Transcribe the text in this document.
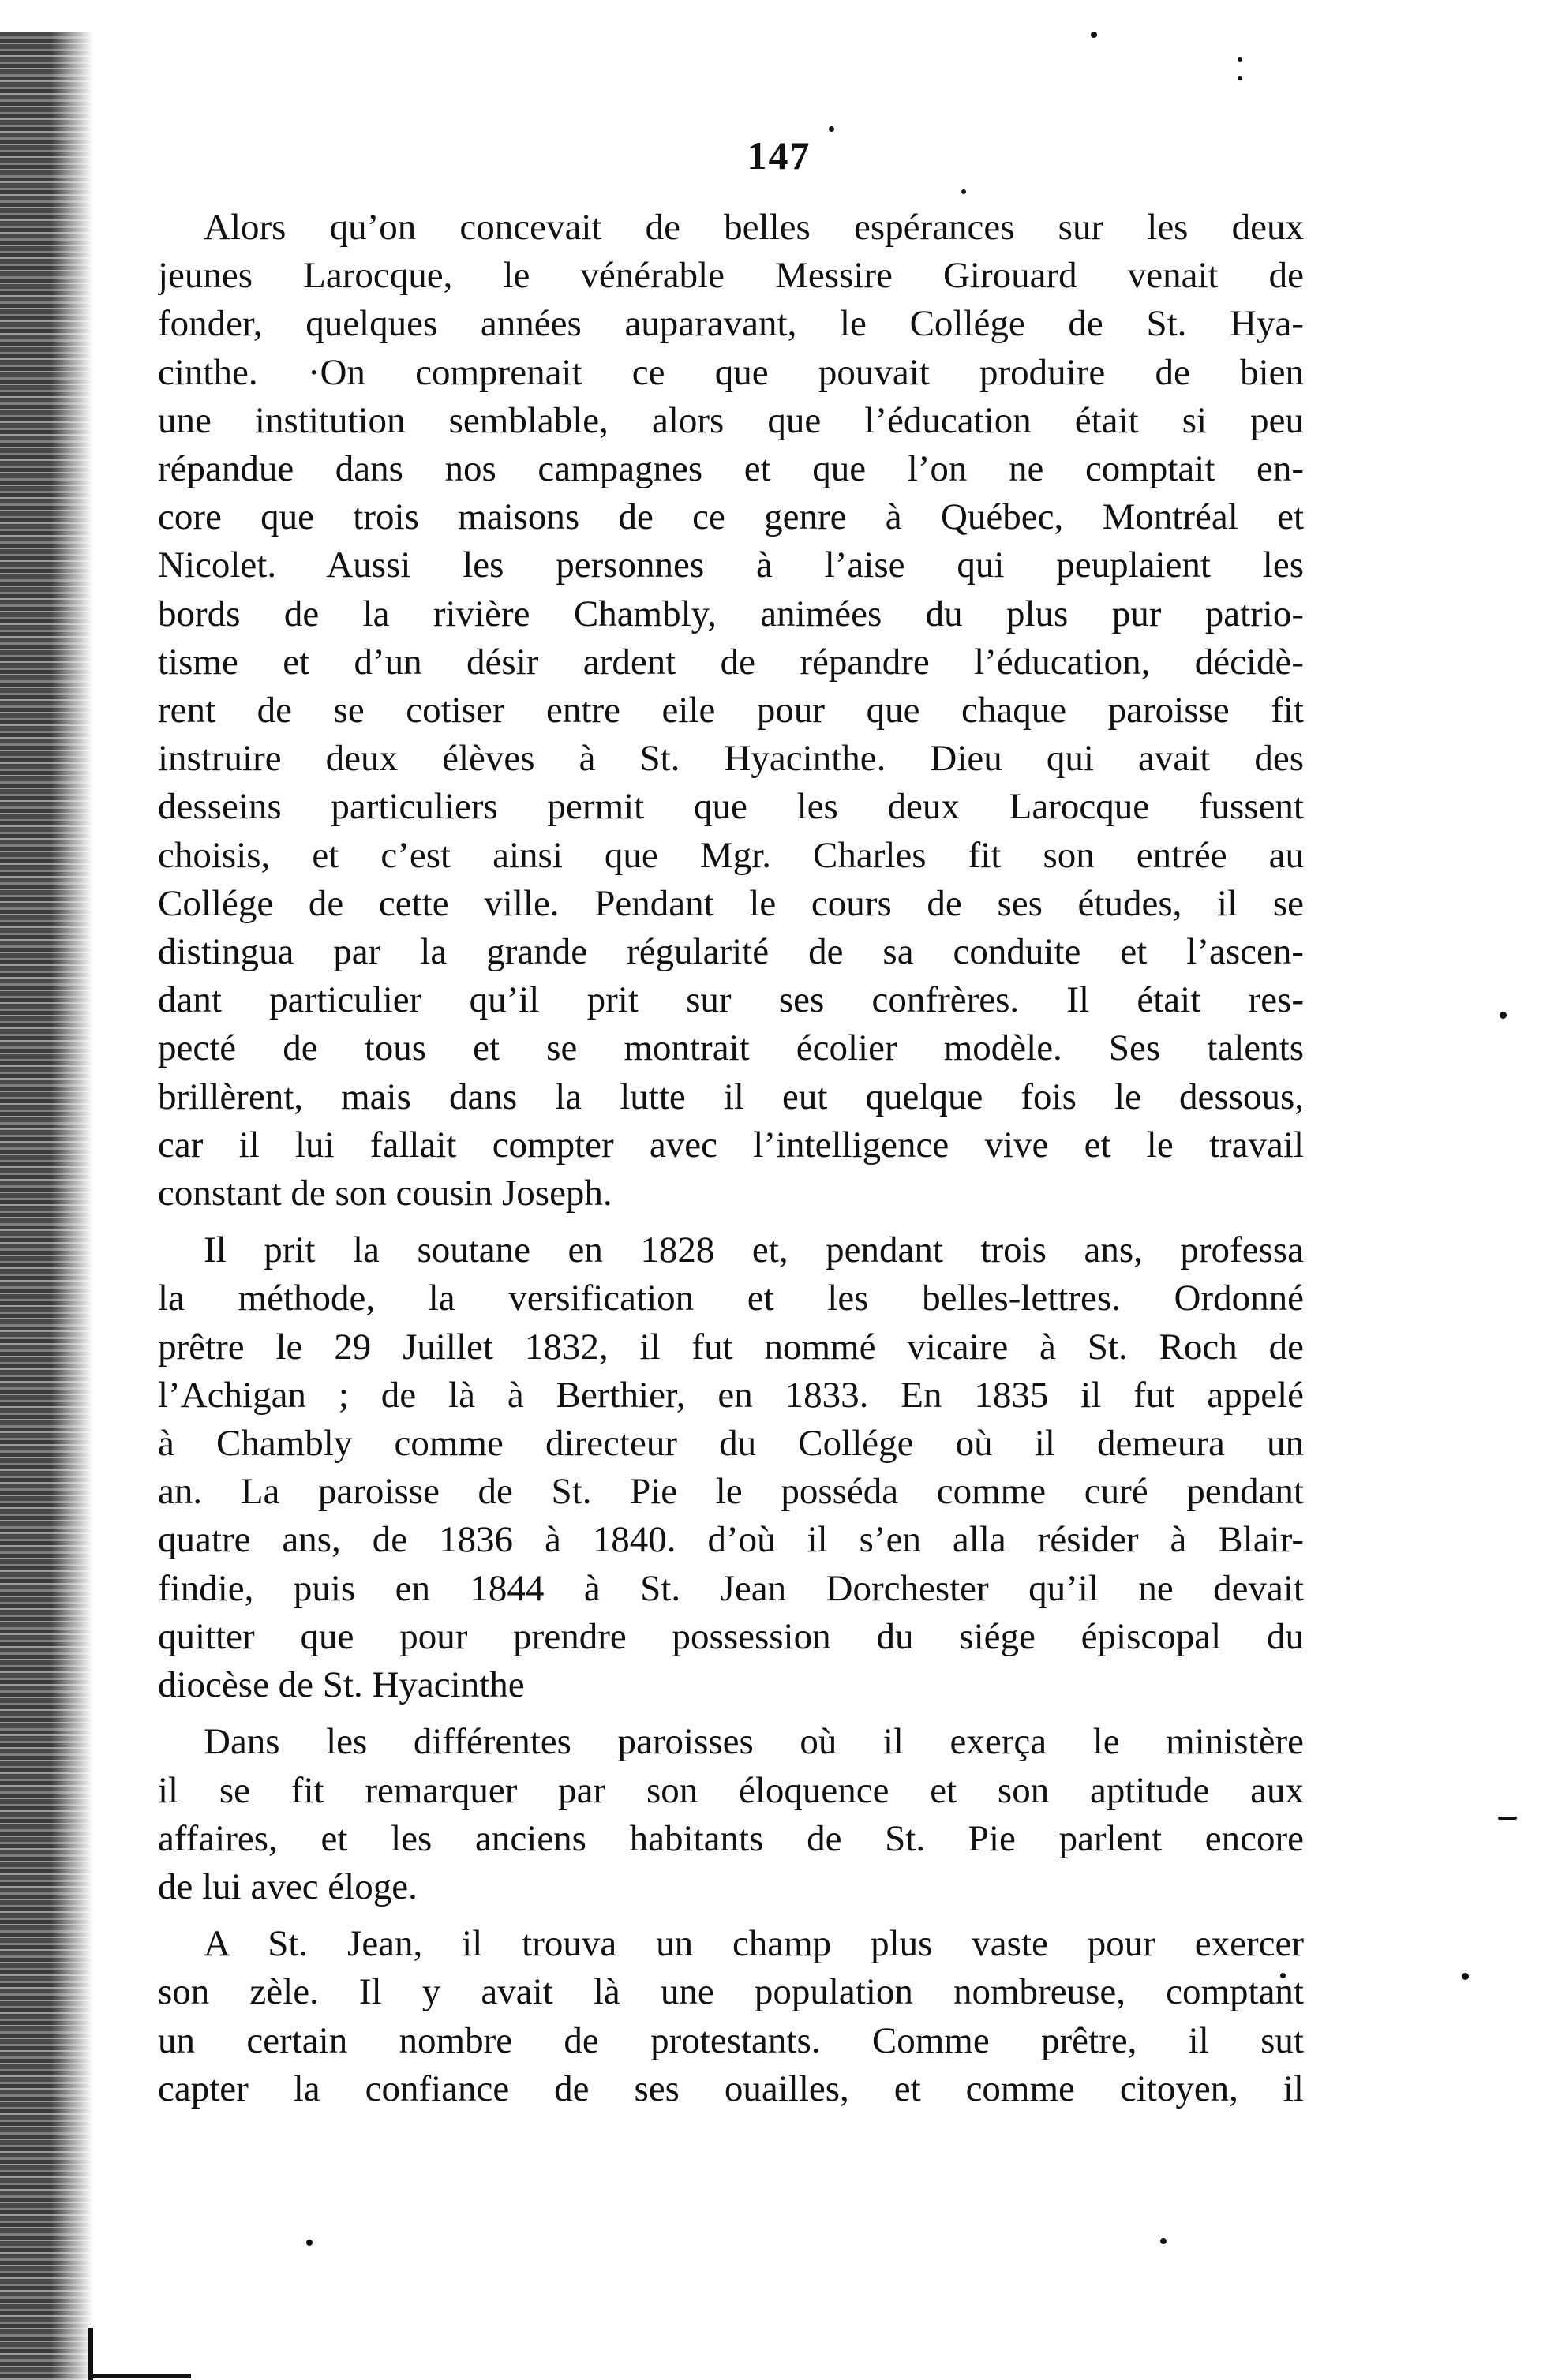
147
Alors qu’on concevait de belles espérances sur les deux
jeunes Larocque, le vénérable Messire Girouard venait de
fonder, quelques années auparavant, le Collége de St. Hya-
cinthe. ·On comprenait ce que pouvait produire de bien
une institution semblable, alors que l’éducation était si peu
répandue dans nos campagnes et que l’on ne comptait en-
core que trois maisons de ce genre à Québec, Montréal et
Nicolet. Aussi les personnes à l’aise qui peuplaient les
bords de la rivière Chambly, animées du plus pur patrio-
tisme et d’un désir ardent de répandre l’éducation, décidè-
rent de se cotiser entre eile pour que chaque paroisse fit
instruire deux élèves à St. Hyacinthe. Dieu qui avait des
desseins particuliers permit que les deux Larocque fussent
choisis, et c’est ainsi que Mgr. Charles fit son entrée au
Collége de cette ville. Pendant le cours de ses études, il se
distingua par la grande régularité de sa conduite et l’ascen-
dant particulier qu’il prit sur ses confrères. Il était res-
pecté de tous et se montrait écolier modèle. Ses talents
brillèrent, mais dans la lutte il eut quelque fois le dessous,
car il lui fallait compter avec l’intelligence vive et le travail
constant de son cousin Joseph.
Il prit la soutane en 1828 et, pendant trois ans, professa
la méthode, la versification et les belles-lettres. Ordonné
prêtre le 29 Juillet 1832, il fut nommé vicaire à St. Roch de
l’Achigan ; de là à Berthier, en 1833. En 1835 il fut appelé
à Chambly comme directeur du Collége où il demeura un
an. La paroisse de St. Pie le posséda comme curé pendant
quatre ans, de 1836 à 1840. d’où il s’en alla résider à Blair-
findie, puis en 1844 à St. Jean Dorchester qu’il ne devait
quitter que pour prendre possession du siége épiscopal du
diocèse de St. Hyacinthe
Dans les différentes paroisses où il exerça le ministère
il se fit remarquer par son éloquence et son aptitude aux
affaires, et les anciens habitants de St. Pie parlent encore
de lui avec éloge.
A St. Jean, il trouva un champ plus vaste pour exercer
son zèle. Il y avait là une population nombreuse, comptant
un certain nombre de protestants. Comme prêtre, il sut
capter la confiance de ses ouailles, et comme citoyen, il
